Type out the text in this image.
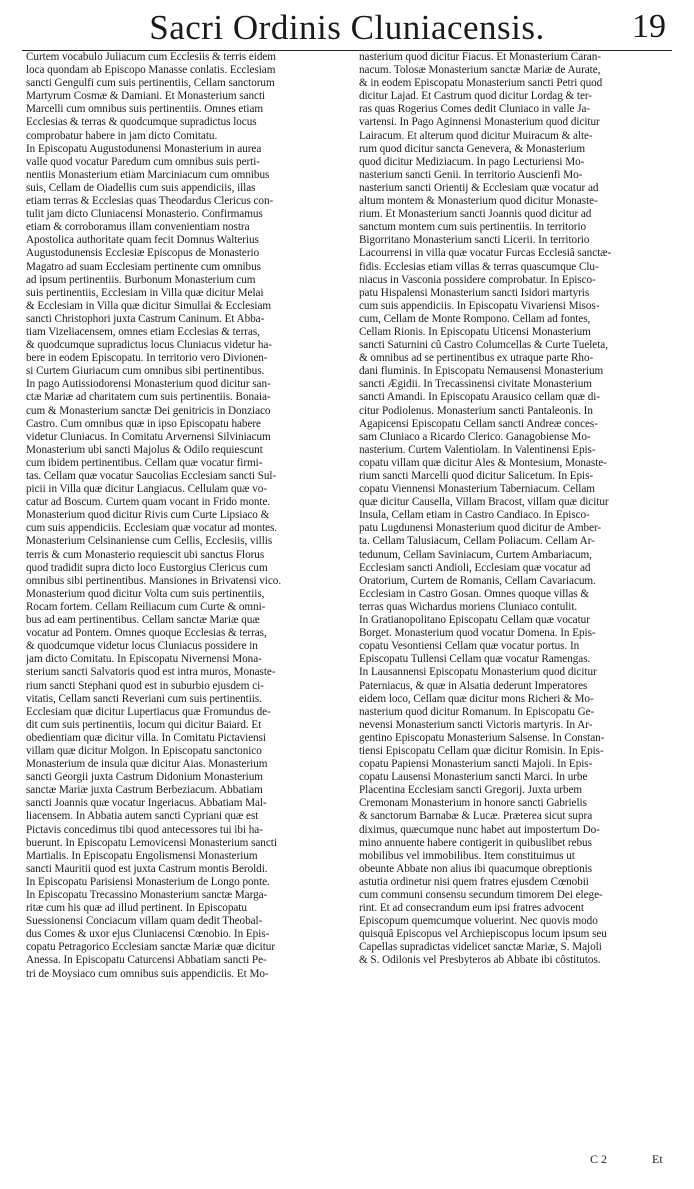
Sacri Ordinis Cluniacensis.	19
Curtem vocabulo Juliacum cum Ecclesiis & terris eidem
loca quondam ab Episcopo Manasse conlatis. Ecclesiam
sancti Gengulfi cum suis pertinentiis, Cellam sanctorum
Martyrum Cosmæ & Damiani. Et Monasterium sancti
Marcelli cum omnibus suis pertinentiis. Omnes etiam
Ecclesias & terras & quodcumque supradictus locus
comprobatur habere in jam dicto Comitatu.
In Episcopatu Augustodunensi Monasterium in aurea
valle quod vocatur Paredum cum omnibus suis perti-
nentiis Monasterium etiam Marciniacum cum omnibus
suis, Cellam de Oiadellis cum suis appendiciis, illas
etiam terras & Ecclesias quas Theodardus Clericus con-
tulit jam dicto Cluniacensi Monasterio. Confirmamus
etiam & corroboramus illam convenientiam nostra
Apostolica authoritate quam fecit Domnus Walterius
Augustodunensis Ecclesiæ Episcopus de Monasterio
Magatro ad suam Ecclesiam pertinente cum omnibus
ad ipsum pertinentiis. Burbonum Monasterium cum
suis pertinentiis, Ecclesiam in Villa quæ dicitur Melai
& Ecclesiam in Villa quæ dicitur Simullai & Ecclesiam
sancti Christophori juxta Castrum Caninum. Et Abba-
tiam Vizeliacensem, omnes etiam Ecclesias & terras,
& quodcumque supradictus locus Cluniacus videtur ha-
bere in eodem Episcopatu. In territorio vero Divionen-
si Curtem Giuriacum cum omnibus sibi pertinentibus.
In pago Autissiodorensi Monasterium quod dicitur san-
ctæ Mariæ ad charitatem cum suis pertinentiis. Bonaia-
cum & Monasterium sanctæ Dei genitricis in Donziaco
Castro. Cum omnibus quæ in ipso Episcopatu habere
videtur Cluniacus. In Comitatu Arvernensi Silviniacum
Monasterium ubi sancti Majolus & Odilo requiescunt
cum ibidem pertinentibus. Cellam quæ vocatur firmi-
tas. Cellam quæ vocatur Saucolias Ecclesiam sancti Sul-
picii in Villa quæ dicitur Langiacus. Cellulam quæ vo-
catur ad Boscum. Curtem quam vocant in Frido monte.
Monasterium quod dicitur Rivis cum Curte Lipsiaco &
cum suis appendiciis. Ecclesiam quæ vocatur ad montes.
Monasterium Celsinaniense cum Cellis, Ecclesiis, villis
terris & cum Monasterio requiescit ubi sanctus Florus
quod tradidit supra dicto loco Eustorgius Clericus cum
omnibus sibi pertinentibus. Mansiones in Brivatensi vico.
Monasterium quod dicitur Volta cum suis pertinentiis,
Rocam fortem. Cellam Reiliacum cum Curte & omni-
bus ad eam pertinentibus. Cellam sanctæ Mariæ quæ
vocatur ad Pontem. Omnes quoque Ecclesias & terras,
& quodcumque videtur locus Cluniacus possidere in
jam dicto Comitatu. In Episcopatu Nivernensi Mona-
sterium sancti Salvatoris quod est intra muros, Monaste-
rium sancti Stephani quod est in suburbio ejusdem ci-
vitatis, Cellam sancti Reveriani cum suis pertinentiis.
Ecclesiam quæ dicitur Lupertiacus quæ Fromundus de-
dit cum suis pertinentiis, locum qui dicitur Baiard. Et
obedientiam quæ dicitur villa. In Comitatu Pictaviensi
villam quæ dicitur Molgon. In Episcopatu sanctonico
Monasterium de insula quæ dicitur Aias. Monasterium
sancti Georgii juxta Castrum Didonium Monasterium
sanctæ Mariæ juxta Castrum Berbeziacum. Abbatiam
sancti Joannis quæ vocatur Ingeriacus. Abbatiam Mal-
liacensem. In Abbatia autem sancti Cypriani quæ est
Pictavis concedimus tibi quod antecessores tui ibi ha-
buerunt. In Episcopatu Lemovicensi Monasterium sancti
Martialis. In Episcopatu Engolismensi Monasterium
sancti Mauritii quod est juxta Castrum montis Beroldi.
In Episcopatu Parisiensi Monasterium de Longo ponte.
In Episcopatu Trecassino Monasterium sanctæ Marga-
ritæ cum his quæ ad illud pertinent. In Episcopatu
Suessionensi Conciacum villam quam dedit Theobal-
dus Comes & uxor ejus Cluniacensi Cœnobio. In Epis-
copatu Petragorico Ecclesiam sanctæ Mariæ quæ dicitur
Anessa. In Episcopatu Caturcensi Abbatiam sancti Pe-
tri de Moysiaco cum omnibus suis appendiciis. Et Mo-
nasterium quod dicitur Fiacus. Et Monasterium Caran-
nacum. Tolosæ Monasterium sanctæ Mariæ de Aurate,
& in eodem Episcopatu Monasterium sancti Petri quod
dicitur Lajad. Et Castrum quod dicitur Lordag & ter-
ras quas Rogerius Comes dedit Cluniaco in valle Ja-
vartensi. In Pago Aginnensi Monasterium quod dicitur
Lairacum. Et alterum quod dicitur Muiracum & alte-
rum quod dicitur sancta Genevera, & Monasterium
quod dicitur Mediziacum. In pago Lecturiensi Mo-
nasterium sancti Genii. In territorio Auscienfi Mo-
nasterium sancti Orientij & Ecclesiam quæ vocatur ad
altum montem & Monasterium quod dicitur Monaste-
rium. Et Monasterium sancti Joannis quod dicitur ad
sanctum montem cum suis pertinentiis. In territorio
Bigorritano Monasterium sancti Licerii. In territorio
Lacourrensi in villa quæ vocatur Furcas Ecclesiâ sanctæ-
fidis. Ecclesias etiam villas & terras quascumque Clu-
niacus in Vasconia possidere comprobatur. In Episco-
patu Hispalensi Monasterium sancti Isidori martyris
cum suis appendiciis. In Episcopatu Vivariensi Misos-
cum, Cellam de Monte Rompono. Cellam ad fontes,
Cellam Rionis. In Episcopatu Uticensi Monasterium
sancti Saturnini cû Castro Columcellas & Curte Tueleta,
& omnibus ad se pertinentibus ex utraque parte Rho-
dani fluminis. In Episcopatu Nemausensi Monasterium
sancti Ægidii. In Trecassinensi civitate Monasterium
sancti Amandi. In Episcopatu Arausico cellam quæ di-
citur Podiolenus. Monasterium sancti Pantaleonis. In
Agapicensi Episcopatu Cellam sancti Andreæ conces-
sam Cluniaco a Ricardo Clerico. Ganagobiense Mo-
nasterium. Curtem Valentiolam. In Valentinensi Epis-
copatu villam quæ dicitur Ales & Montesium, Monaste-
rium sancti Marcelli quod dicitur Salicetum. In Epis-
copatu Viennensi Monasterium Taberniacum. Cellam
quæ dicitur Causella, Villam Bracost, villam quæ dicitur
Insula, Cellam etiam in Castro Candiaco. In Episco-
patu Lugdunensi Monasterium quod dicitur de Amber-
ta. Cellam Talusiacum, Cellam Poliacum. Cellam Ar-
tedunum, Cellam Saviniacum, Curtem Ambariacum,
Ecclesiam sancti Andioli, Ecclesiam quæ vocatur ad
Oratorium, Curtem de Romanis, Cellam Cavariacum.
Ecclesiam in Castro Gosan. Omnes quoque villas &
terras quas Wichardus moriens Cluniaco contulit.
In Gratianopolitano Episcopatu Cellam quæ vocatur
Borget. Monasterium quod vocatur Domena. In Epis-
copatu Vesontiensi Cellam quæ vocatur portus. In
Episcopatu Tullensi Cellam quæ vocatur Ramengas.
In Lausannensi Episcopatu Monasterium quod dicitur
Paterniacus, & quæ in Alsatia dederunt Imperatores
eidem loco, Cellam quæ dicitur mons Richeri & Mo-
nasterium quod dicitur Romanum. In Episcopatu Ge-
nevensi Monasterium sancti Victoris martyris. In Ar-
gentino Episcopatu Monasterium Salsense. In Constan-
tiensi Episcopatu Cellam quæ dicitur Romisin. In Epis-
copatu Papiensi Monasterium sancti Majoli. In Epis-
copatu Lausensi Monasterium sancti Marci. In urbe
Placentina Ecclesiam sancti Gregorij. Juxta urbem
Cremonam Monasterium in honore sancti Gabrielis
& sanctorum Barnabæ & Lucæ. Præterea sicut supra
diximus, quæcumque nunc habet aut impostertum Do-
mino annuente habere contigerit in quibuslibet rebus
mobilibus vel immobilibus. Item constituimus ut
obeunte Abbate non alius ibi quacumque obreptionis
astutia ordinetur nisi quem fratres ejusdem Cœnobii
cum communi consensu secundum timorem Dei elege-
rint. Et ad consecrandum eum ipsi fratres advocent
Episcopum quemcumque voluerint. Nec quovis modo
quisquâ Episcopus vel Archiepiscopus locum ipsum seu
Capellas supradictas videlicet sanctæ Mariæ, S. Majoli
& S. Odilonis vel Presbyteros ab Abbate ibi côstitutos.
C 2	Et
